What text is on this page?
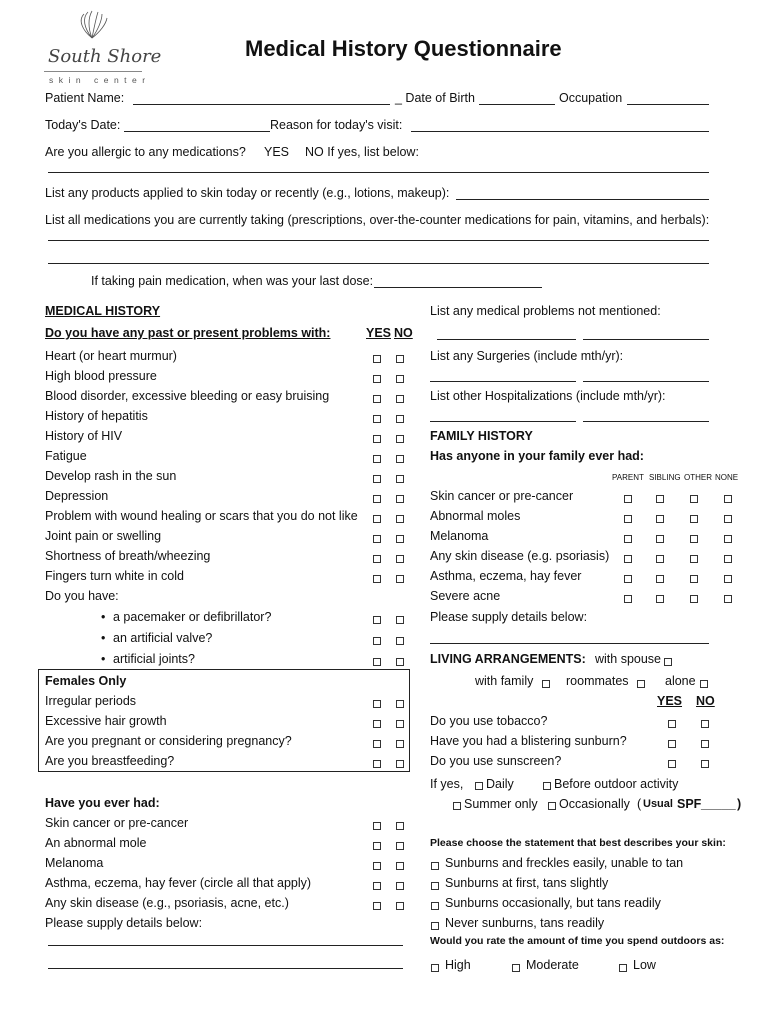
South Shore
skin center
Medical History Questionnaire
Patient Name:	_ Date of Birth	Occupation
Today's Date:	Reason for today's visit:
Are you allergic to any medications? YES NO If yes, list below:
List any products applied to skin today or recently (e.g., lotions, makeup):
List all medications you are currently taking (prescriptions, over-the-counter medications for pain, vitamins, and herbals):
If taking pain medication, when was your last dose:
MEDICAL HISTORY
Do you have any past or present problems with:	YES NO
Heart (or heart murmur)
High blood pressure
Blood disorder, excessive bleeding or easy bruising
History of hepatitis
History of HIV
Fatigue
Develop rash in the sun
Depression
Problem with wound healing or scars that you do not like
Joint pain or swelling
Shortness of breath/wheezing
Fingers turn white in cold
Do you have:
• a pacemaker or defibrillator?
• an artificial valve?
• artificial joints?
Females Only
Irregular periods
Excessive hair growth
Are you pregnant or considering pregnancy?
Are you breastfeeding?
Have you ever had:
Skin cancer or pre-cancer
An abnormal mole
Melanoma
Asthma, eczema, hay fever (circle all that apply)
Any skin disease (e.g., psoriasis, acne, etc.)
Please supply details below:
List any medical problems not mentioned:
List any Surgeries (include mth/yr):
List other Hospitalizations (include mth/yr):
FAMILY HISTORY
Has anyone in your family ever had:
PARENT SIBLING OTHER NONE
Skin cancer or pre-cancer
Abnormal moles
Melanoma
Any skin disease (e.g. psoriasis)
Asthma, eczema, hay fever
Severe acne
Please supply details below:
LIVING ARRANGEMENTS: with spouse
alone
with family	roommates
YES NO
Do you use tobacco?
Have you had a blistering sunburn?
Do you use sunscreen?
If yes, Daily	Before outdoor activity
Summer only Occasionally ( Usual SPF _____ )
Please choose the statement that best describes your skin:
Sunburns and freckles easily, unable to tan
Sunburns at first, tans slightly
Sunburns occasionally, but tans readily
Never sunburns, tans readily
Would you rate the amount of time you spend outdoors as:
High	Moderate	Low
